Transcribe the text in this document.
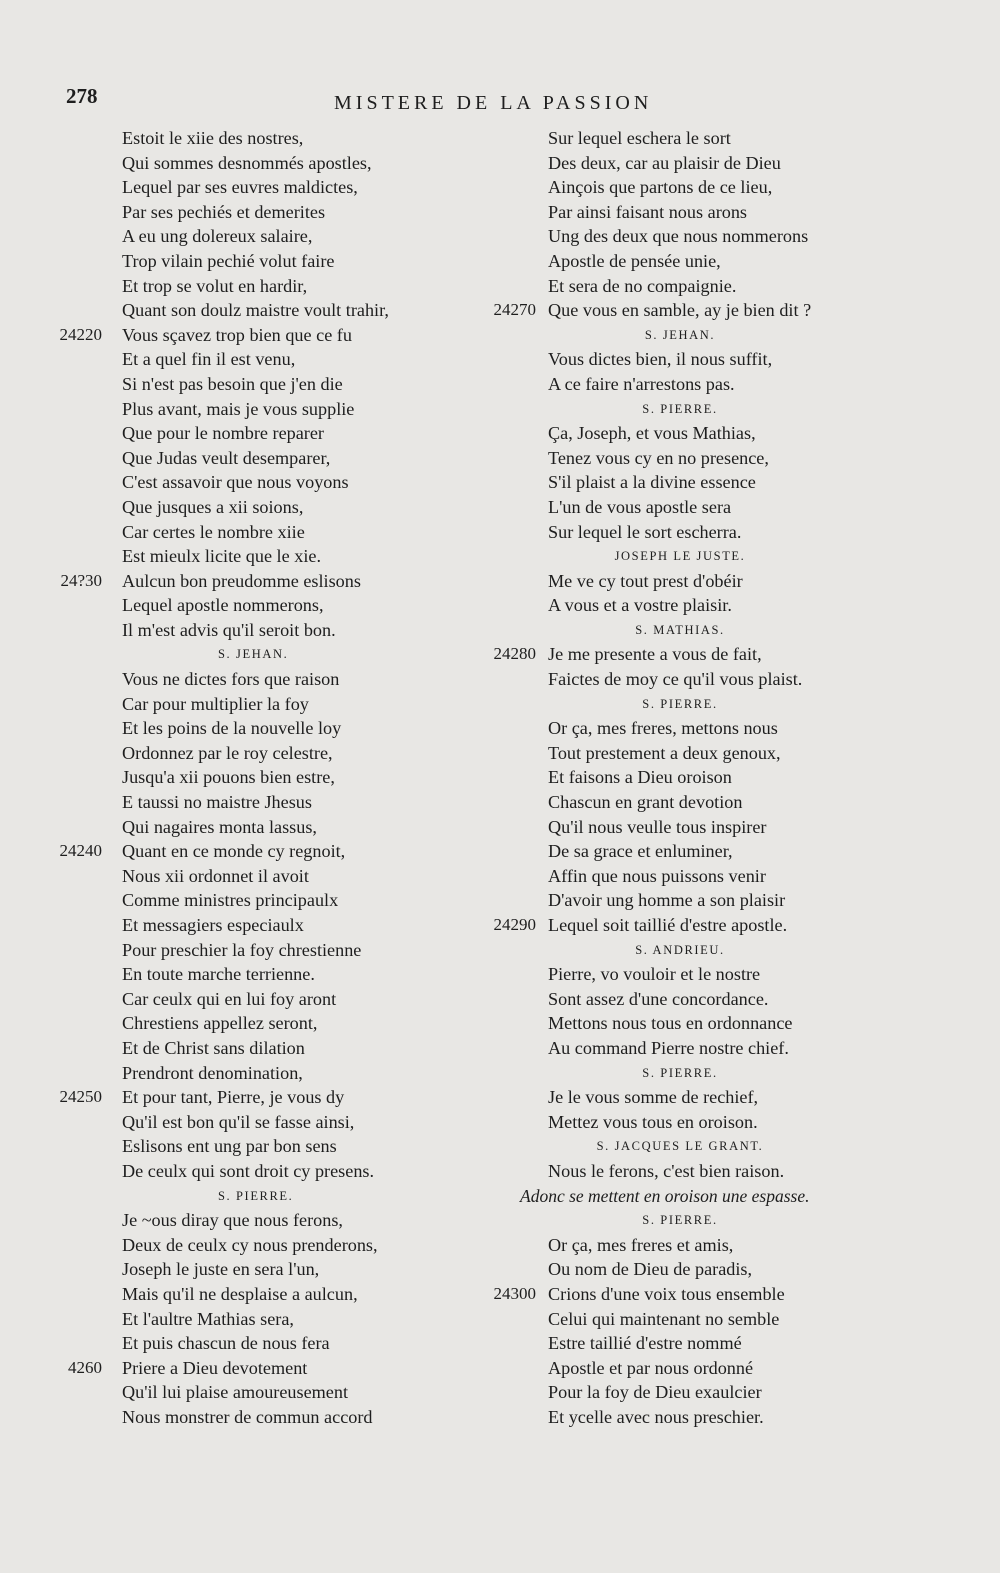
278	MISTERE DE LA PASSION
Estoit le xiie des nostres,
Qui sommes desnommés apostles,
Lequel par ses euvres maldictes,
Par ses pechiés et demerites
A eu ung dolereux salaire,
Trop vilain pechié volut faire
Et trop se volut en hardir,
Quant son doulz maistre voult trahir,
24220 Vous sçavez trop bien que ce fu
Et a quel fin il est venu,
Si n'est pas besoin que j'en die
Plus avant, mais je vous supplie
Que pour le nombre reparer
Que Judas veult desemparer,
C'est assavoir que nous voyons
Que jusques a xii soions,
Car certes le nombre xiie
Est mieulx licite que le xie.
24?30 Aulcun bon preudomme eslisons
Lequel apostle nommerons,
Il m'est advis qu'il seroit bon.
S. JEHAN.
Vous ne dictes fors que raison
Car pour multiplier la foy
Et les poins de la nouvelle loy
Ordonnez par le roy celestre,
Jusqu'a xii pouons bien estre,
E taussi no maistre Jhesus
Qui nagaires monta lassus,
24240 Quant en ce monde cy regnoit,
Nous xii ordonnet il avoit
Comme ministres principaulx
Et messagiers especiaulx
Pour preschier la foy chrestienne
En toute marche terrienne.
Car ceulx qui en lui foy aront
Chrestiens appellez seront,
Et de Christ sans dilation
Prendront denomination,
24250 Et pour tant, Pierre, je vous dy
Qu'il est bon qu'il se fasse ainsi,
Eslisons ent ung par bon sens
De ceulx qui sont droit cy presens.
S. PIERRE.
Je ~ous diray que nous ferons,
Deux de ceulx cy nous prenderons,
Joseph le juste en sera l'un,
Mais qu'il ne desplaise a aulcun,
Et l'aultre Mathias sera,
Et puis chascun de nous fera
4260 Priere a Dieu devotement
Qu'il lui plaise amoureusement
Nous monstrer de commun accord
Sur lequel eschera le sort
Des deux, car au plaisir de Dieu
Ainçois que partons de ce lieu,
Par ainsi faisant nous arons
Ung des deux que nous nommerons
Apostle de pensée unie,
Et sera de no compaignie.
24270 Que vous en samble, ay je bien dit ?
S. JEHAN.
Vous dictes bien, il nous suffit,
A ce faire n'arrestons pas.
S. PIERRE.
Ça, Joseph, et vous Mathias,
Tenez vous cy en no presence,
S'il plaist a la divine essence
L'un de vous apostle sera
Sur lequel le sort escherra.
JOSEPH LE JUSTE.
Me ve cy tout prest d'obéir
A vous et a vostre plaisir.
S. MATHIAS.
24280 Je me presente a vous de fait,
Faictes de moy ce qu'il vous plaist.
S. PIERRE.
Or ça, mes freres, mettons nous
Tout prestement a deux genoux,
Et faisons a Dieu oroison
Chascun en grant devotion
Qu'il nous veulle tous inspirer
De sa grace et enluminer,
Affin que nous puissons venir
D'avoir ung homme a son plaisir
24290 Lequel soit taillié d'estre apostle.
S. ANDRIEU.
Pierre, vo vouloir et le nostre
Sont assez d'une concordance.
Mettons nous tous en ordonnance
Au command Pierre nostre chief.
S. PIERRE.
Je le vous somme de rechief,
Mettez vous tous en oroison.
S. JACQUES LE GRANT.
Nous le ferons, c'est bien raison.
Adonc se mettent en oroison une espasse.
S. PIERRE.
Or ça, mes freres et amis,
Ou nom de Dieu de paradis,
24300 Crions d'une voix tous ensemble
Celui qui maintenant no semble
Estre taillié d'estre nommé
Apostle et par nous ordonné
Pour la foy de Dieu exaulcier
Et ycelle avec nous preschier.
